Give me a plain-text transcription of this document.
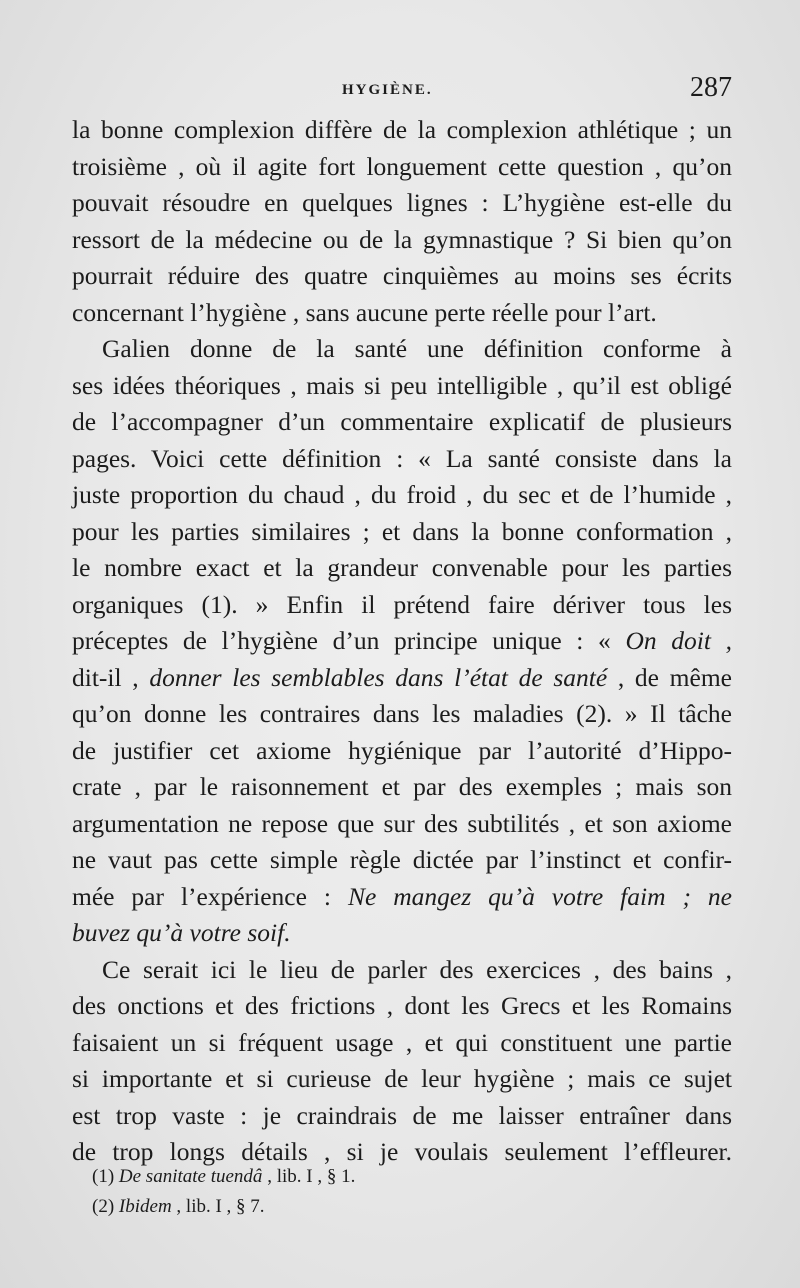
HYGIÈNE.	287
la bonne complexion diffère de la complexion athlétique ; un
troisième , où il agite fort longuement cette question , qu’on
pouvait résoudre en quelques lignes : L’hygiène est-elle du
ressort de la médecine ou de la gymnastique ? Si bien qu’on
pourrait réduire des quatre cinquièmes au moins ses écrits
concernant l’hygiène , sans aucune perte réelle pour l’art.
Galien donne de la santé une définition conforme à
ses idées théoriques , mais si peu intelligible , qu’il est obligé
de l’accompagner d’un commentaire explicatif de plusieurs
pages. Voici cette définition : « La santé consiste dans la
juste proportion du chaud , du froid , du sec et de l’humide ,
pour les parties similaires ; et dans la bonne conformation ,
le nombre exact et la grandeur convenable pour les parties
organiques (1). » Enfin il prétend faire dériver tous les
préceptes de l’hygiène d’un principe unique : « On doit ,
dit-il , donner les semblables dans l’état de santé , de même
qu’on donne les contraires dans les maladies (2). » Il tâche
de justifier cet axiome hygiénique par l’autorité d’Hippo-
crate , par le raisonnement et par des exemples ; mais son
argumentation ne repose que sur des subtilités , et son axiome
ne vaut pas cette simple règle dictée par l’instinct et confir-
mée par l’expérience : Ne mangez qu’à votre faim ; ne
buvez qu’à votre soif.
Ce serait ici le lieu de parler des exercices , des bains ,
des onctions et des frictions , dont les Grecs et les Romains
faisaient un si fréquent usage , et qui constituent une partie
si importante et si curieuse de leur hygiène ; mais ce sujet
est trop vaste : je craindrais de me laisser entraîner dans
de trop longs détails , si je voulais seulement l’effleurer.
(1) De sanitate tuendâ , lib. I , § 1.
(2) Ibidem , lib. I , § 7.
